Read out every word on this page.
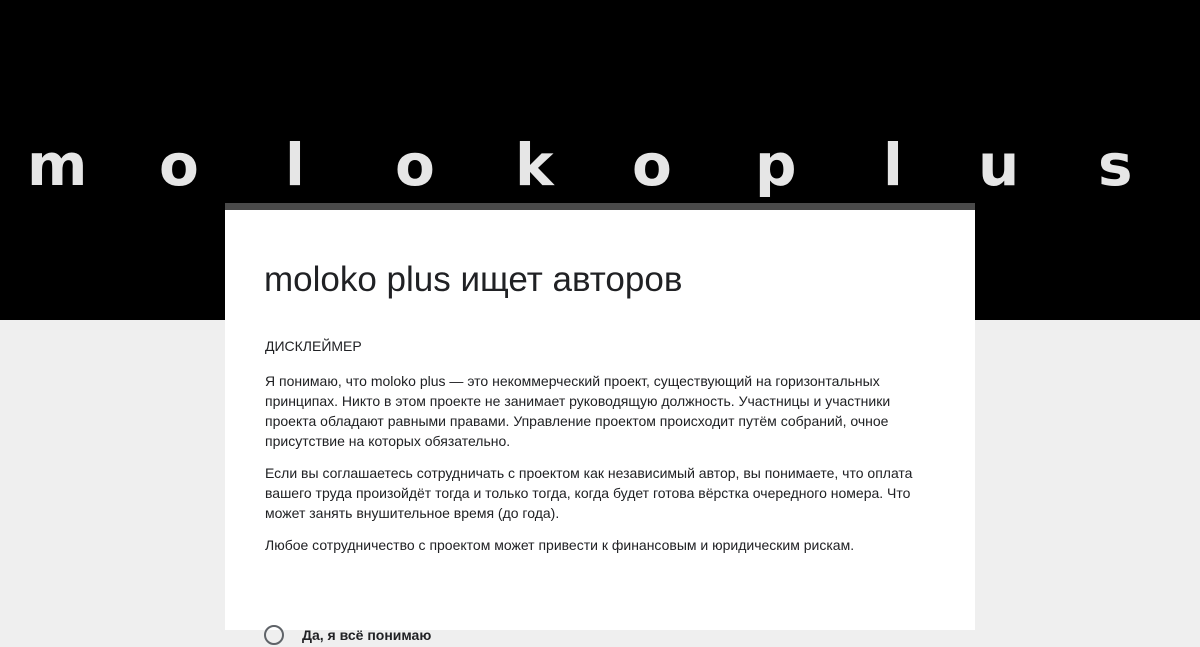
m o l o k o p l u s
moloko plus ищет авторов

ДИСКЛЕЙМЕР

Я понимаю, что moloko plus — это некоммерческий проект, существующий на горизонтальных принципах. Никто в этом проекте не занимает руководящую должность. Участницы и участники проекта обладают равными правами. Управление проектом происходит путём собраний, очное присутствие на которых обязательно.

Если вы соглашаетесь сотрудничать с проектом как независимый автор, вы понимаете, что оплата вашего труда произойдёт тогда и только тогда, когда будет готова вёрстка очередного номера. Что может занять внушительное время (до года).

Любое сотрудничество с проектом может привести к финансовым и юридическим рискам.

Да, я всё понимаю
